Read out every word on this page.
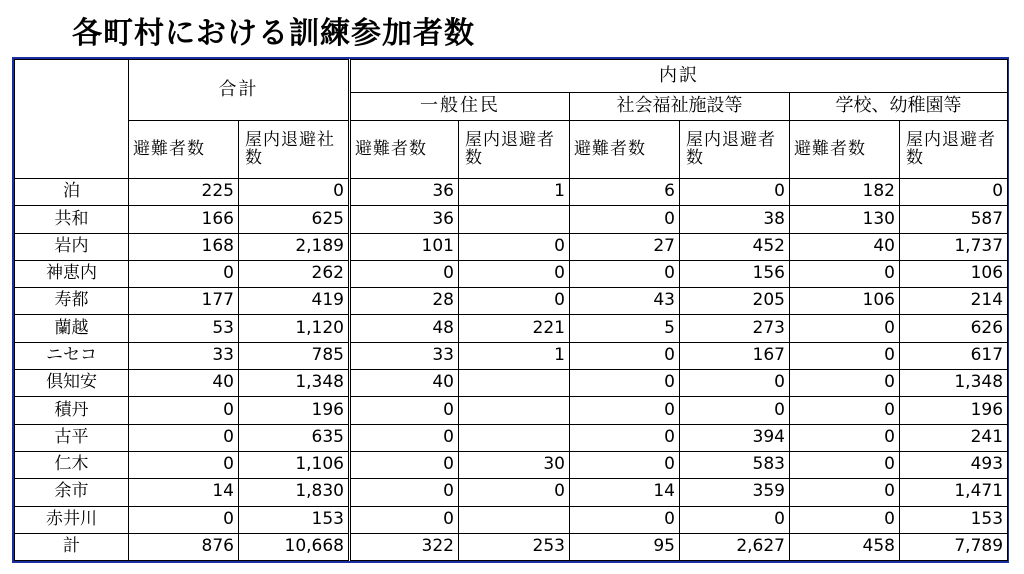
各町村における訓練参加者数
	合計		内訳					
			一般住民		社会福祉施設等		学校、幼稚園等	
	避難者数	屋内退避社数	避難者数	屋内退避者数	避難者数	屋内退避者数	避難者数	屋内退避者数
泊	225	0	36	1	6	0	182	0
共和	166	625	36		0	38	130	587
岩内	168	2,189	101	0	27	452	40	1,737
神恵内	0	262	0	0	0	156	0	106
寿都	177	419	28	0	43	205	106	214
蘭越	53	1,120	48	221	5	273	0	626
ニセコ	33	785	33	1	0	167	0	617
倶知安	40	1,348	40		0	0	0	1,348
積丹	0	196	0		0	0	0	196
古平	0	635	0		0	394	0	241
仁木	0	1,106	0	30	0	583	0	493
余市	14	1,830	0	0	14	359	0	1,471
赤井川	0	153	0		0	0	0	153
計	876	10,668	322	253	95	2,627	458	7,789
